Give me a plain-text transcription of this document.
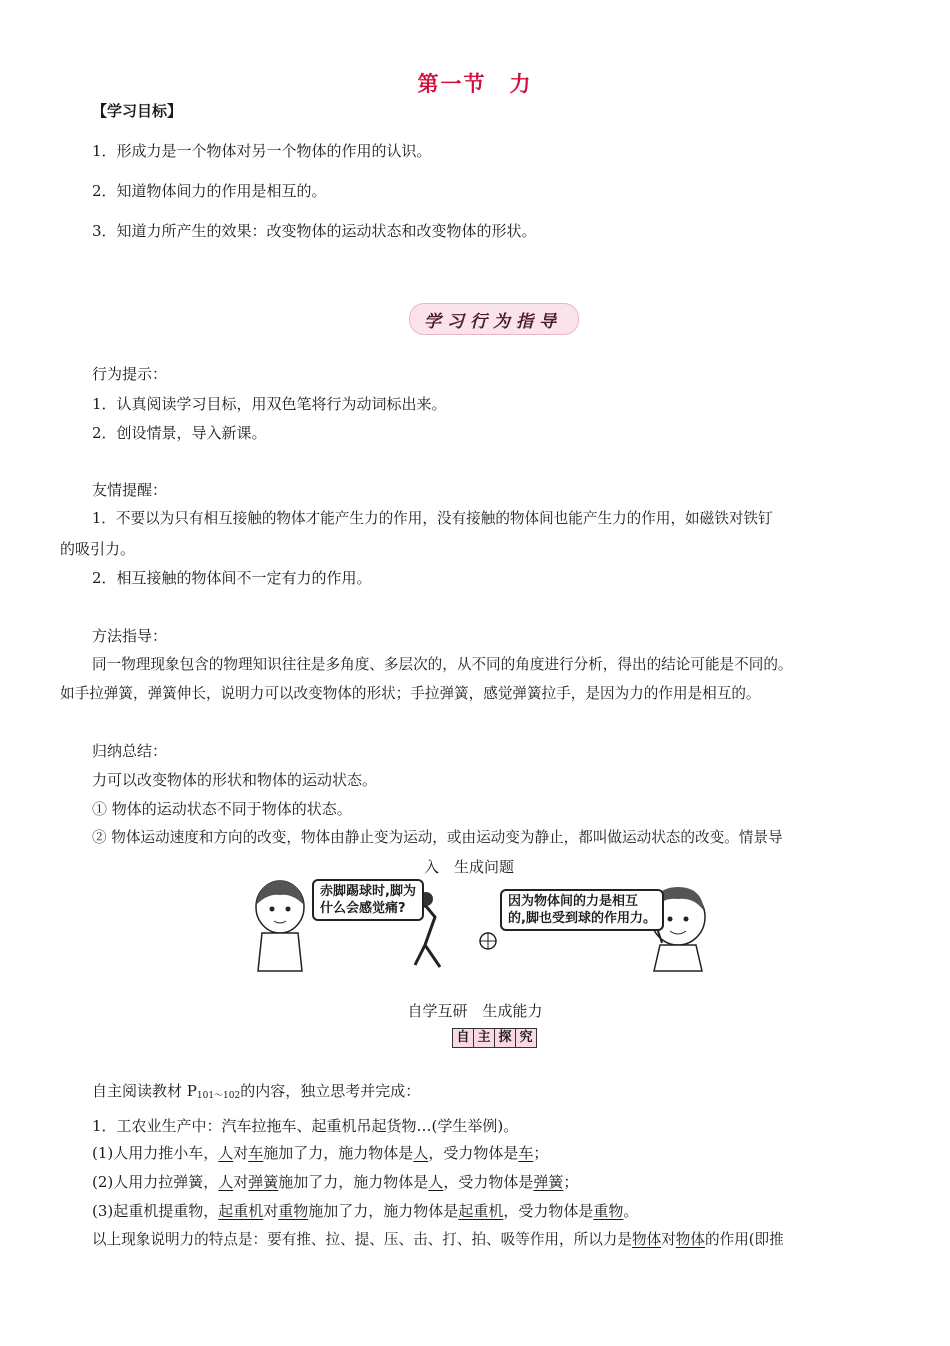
第一节　力
【学习目标】
1．形成力是一个物体对另一个物体的作用的认识。
2．知道物体间力的作用是相互的。
3．知道力所产生的效果：改变物体的运动状态和改变物体的形状。
学习行为指导
行为提示：
1．认真阅读学习目标，用双色笔将行为动词标出来。
2．创设情景，导入新课。
友情提醒：
1．不要以为只有相互接触的物体才能产生力的作用，没有接触的物体间也能产生力的作用，如磁铁对铁钉
的吸引力。
2．相互接触的物体间不一定有力的作用。
方法指导：
同一物理现象包含的物理知识往往是多角度、多层次的，从不同的角度进行分析，得出的结论可能是不同的。
如手拉弹簧，弹簧伸长，说明力可以改变物体的形状；手拉弹簧，感觉弹簧拉手，是因为力的作用是相互的。
归纳总结：
力可以改变物体的形状和物体的运动状态。
① 物体的运动状态不同于物体的状态。
② 物体运动速度和方向的改变，物体由静止变为运动，或由运动变为静止，都叫做运动状态的改变。情景导
入　生成问题
赤脚踢球时,脚为
什么会感觉痛?	因为物体间的力是相互
的,脚也受到球的作用力。
自学互研　生成能力
自 主 探 究
自主阅读教材 $P_{101\sim 102}$的内容，独立思考并完成：
1．工农业生产中：汽车拉拖车、起重机吊起货物…(学生举例)。
(1)人用力推小车，人对车施加了力，施力物体是人，受力物体是车；
(2)人用力拉弹簧，人对弹簧施加了力，施力物体是人，受力物体是弹簧；
(3)起重机提重物，起重机对重物施加了力，施力物体是起重机，受力物体是重物。
以上现象说明力的特点是：要有推、拉、提、压、击、打、拍、吸等作用，所以力是物体对物体的作用(即推
